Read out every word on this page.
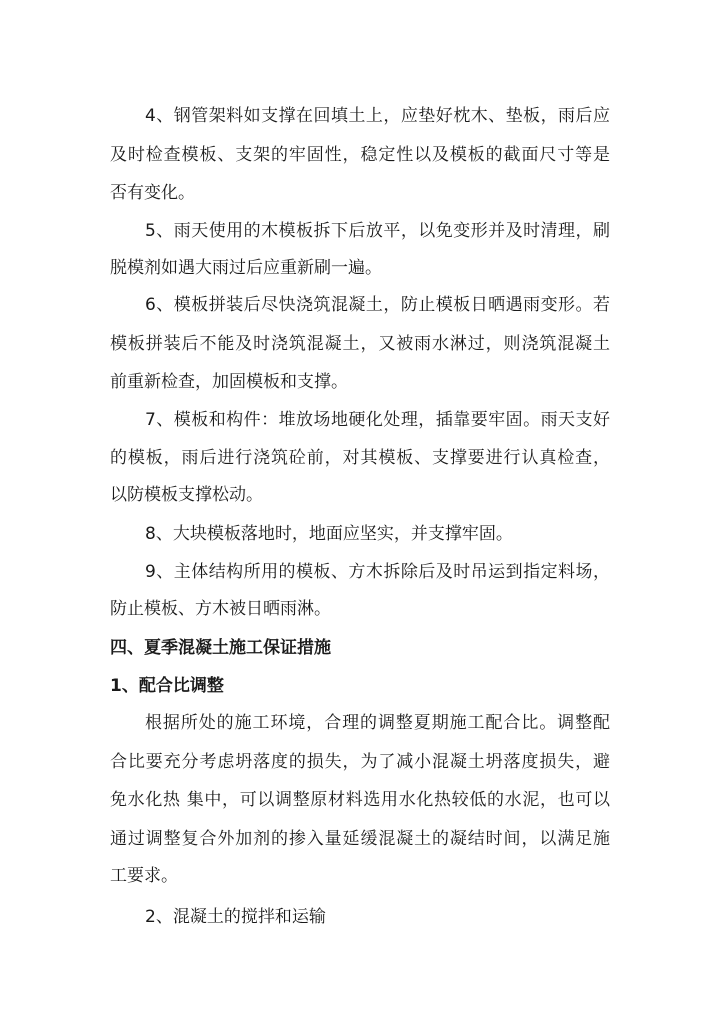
4、钢管架料如支撑在回填土上，应垫好枕木、垫板，雨后应
及时检查模板、支架的牢固性，稳定性以及模板的截面尺寸等是
否有变化。
5、雨天使用的木模板拆下后放平，以免变形并及时清理，刷
脱模剂如遇大雨过后应重新刷一遍。
6、模板拼装后尽快浇筑混凝土，防止模板日晒遇雨变形。若
模板拼装后不能及时浇筑混凝土，又被雨水淋过，则浇筑混凝土
前重新检查，加固模板和支撑。
7、模板和构件：堆放场地硬化处理，插靠要牢固。雨天支好
的模板，雨后进行浇筑砼前，对其模板、支撑要进行认真检查，
以防模板支撑松动。
8、大块模板落地时，地面应坚实，并支撑牢固。
9、主体结构所用的模板、方木拆除后及时吊运到指定料场，
防止模板、方木被日晒雨淋。
四、夏季混凝土施工保证措施
1、配合比调整
根据所处的施工环境，合理的调整夏期施工配合比。调整配
合比要充分考虑坍落度的损失，为了减小混凝土坍落度损失，避
免水化热 集中，可以调整原材料选用水化热较低的水泥，也可以
通过调整复合外加剂的掺入量延缓混凝土的凝结时间，以满足施
工要求。
2、混凝土的搅拌和运输
